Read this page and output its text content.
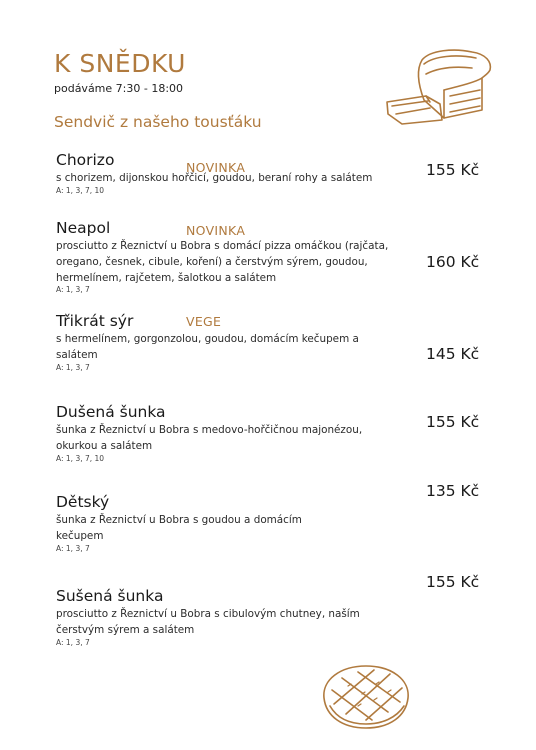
K SNĚDKU
podáváme 7:30 - 18:00
Sendvič z našeho tousťáku
Chorizo
s chorizem, dijonskou hořčicí, goudou, beraní rohy a salátem
A: 1, 3, 7, 10
NOVINKA	155 Kč
Neapol
prosciutto z Řeznictví u Bobra s domácí pizza omáčkou (rajčata, oregano, česnek, cibule, koření) a čerstvým sýrem, goudou, hermelínem, rajčetem, šalotkou a salátem
A: 1, 3, 7
NOVINKA
160 Kč
Třikrát sýr
s hermelínem, gorgonzolou, goudou, domácím kečupem a salátem
A: 1, 3, 7
VEGE
145 Kč
Dušená šunka
šunka z Řeznictví u Bobra s medovo-hořčičnou majonézou, okurkou a salátem
A: 1, 3, 7, 10
155 Kč
Dětský
šunka z Řeznictví u Bobra s goudou a domácím kečupem
A: 1, 3, 7
135 Kč
Sušená šunka
prosciutto z Řeznictví u Bobra s cibulovým chutney, naším čerstvým sýrem a salátem
A: 1, 3, 7
155 Kč
